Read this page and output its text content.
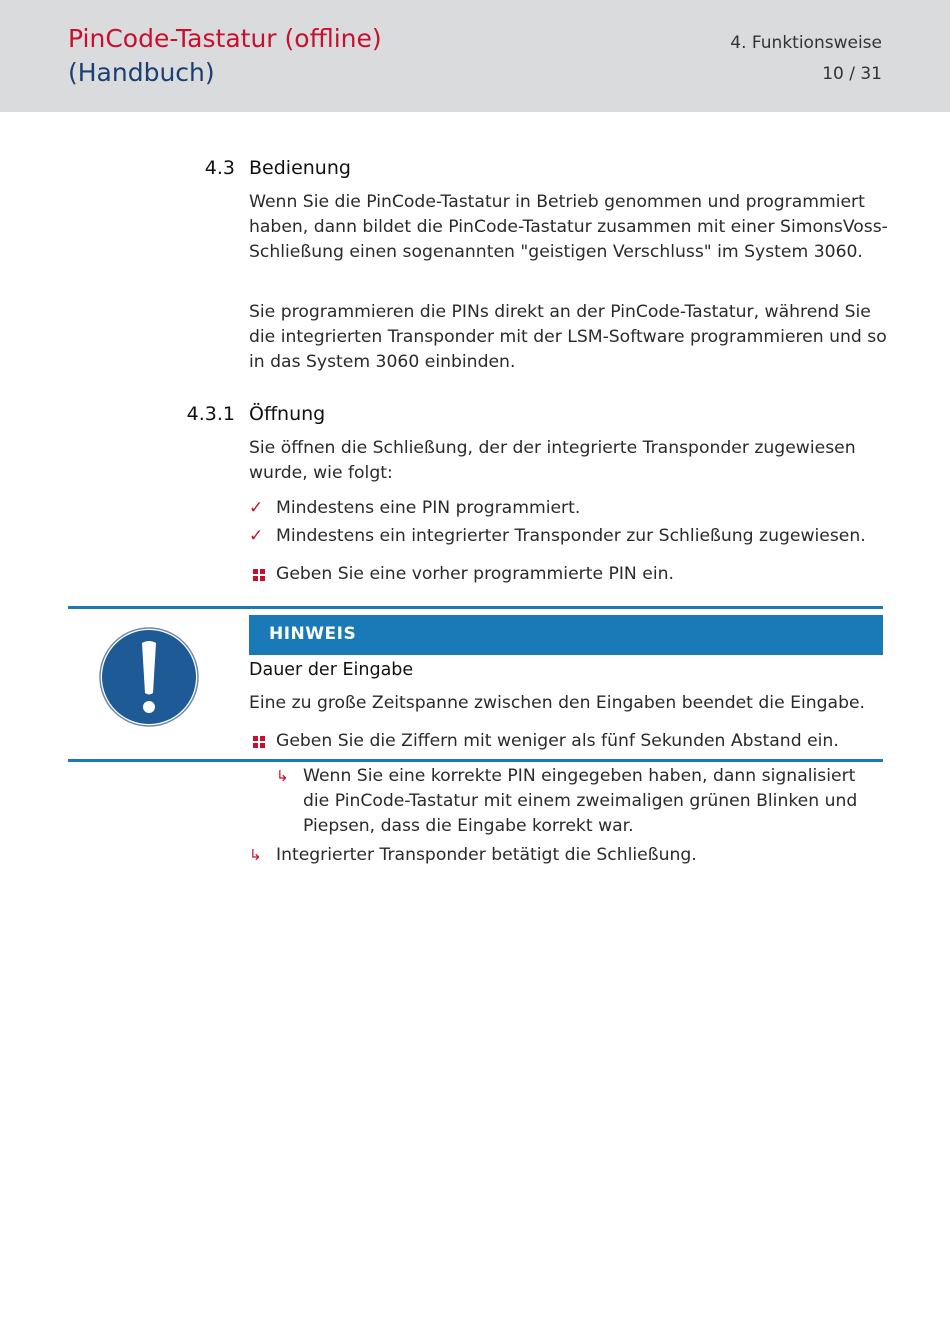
PinCode-Tastatur (offline)
(Handbuch)
4. Funktionsweise
10 / 31
4.3 Bedienung
Wenn Sie die PinCode-Tastatur in Betrieb genommen und programmiert haben, dann bildet die PinCode-Tastatur zusammen mit einer SimonsVoss-Schließung einen sogenannten "geistigen Verschluss" im System 3060.
Sie programmieren die PINs direkt an der PinCode-Tastatur, während Sie die integrierten Transponder mit der LSM-Software programmieren und so in das System 3060 einbinden.
4.3.1 Öffnung
Sie öffnen die Schließung, der der integrierte Transponder zugewiesen wurde, wie folgt:
✓ Mindestens eine PIN programmiert.
✓ Mindestens ein integrierter Transponder zur Schließung zugewiesen.
Geben Sie eine vorher programmierte PIN ein.
HINWEIS
Dauer der Eingabe
Eine zu große Zeitspanne zwischen den Eingaben beendet die Eingabe.
Geben Sie die Ziffern mit weniger als fünf Sekunden Abstand ein.
↳ Wenn Sie eine korrekte PIN eingegeben haben, dann signalisiert die PinCode-Tastatur mit einem zweimaligen grünen Blinken und Piepsen, dass die Eingabe korrekt war.
↳ Integrierter Transponder betätigt die Schließung.
